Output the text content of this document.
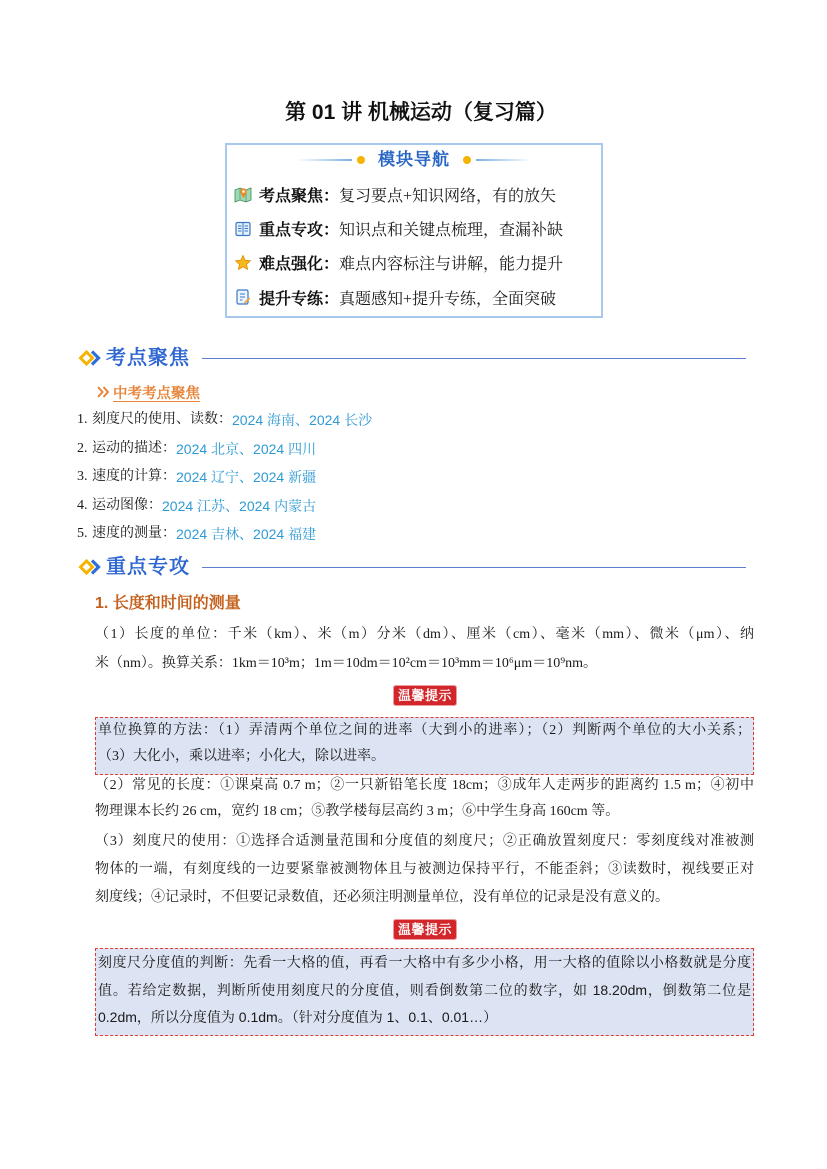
第 01 讲 机械运动（复习篇）
模块导航
考点聚焦： 复习要点+知识网络，有的放矢
重点专攻： 知识点和关键点梳理，查漏补缺
难点强化： 难点内容标注与讲解，能力提升
提升专练： 真题感知+提升专练，全面突破
考点聚焦
中考考点聚焦
1. 刻度尺的使用、读数： 2024 海南、2024 长沙
2. 运动的描述： 2024 北京、2024 四川
3. 速度的计算： 2024 辽宁、2024 新疆
4. 运动图像： 2024 江苏、2024 内蒙古
5. 速度的测量： 2024 吉林、2024 福建
重点专攻
1. 长度和时间的测量
（1）长度的单位：千米（km）、米（m）分米（dm）、厘米（cm）、毫米（mm）、微米（μm）、纳
米（nm）。换算关系：1km＝10³m；1m＝10dm＝10²cm＝10³mm＝10⁶μm＝10⁹nm。
温馨提示
单位换算的方法：（1）弄清两个单位之间的进率（大到小的进率）；（2）判断两个单位的大小关系；
（3）大化小，乘以进率；小化大，除以进率。
（2）常见的长度：①课桌高 0.7 m；②一只新铅笔长度 18cm；③成年人走两步的距离约 1.5 m；④初中
物理课本长约 26 cm，宽约 18 cm；⑤教学楼每层高约 3 m；⑥中学生身高 160cm 等。
（3）刻度尺的使用：①选择合适测量范围和分度值的刻度尺；②正确放置刻度尺：零刻度线对准被测
物体的一端，有刻度线的一边要紧靠被测物体且与被测边保持平行，不能歪斜；③读数时，视线要正对
刻度线；④记录时，不但要记录数值，还必须注明测量单位，没有单位的记录是没有意义的。
温馨提示
刻度尺分度值的判断：先看一大格的值，再看一大格中有多少小格，用一大格的值除以小格数就是分度
值。若给定数据，判断所使用刻度尺的分度值，则看倒数第二位的数字，如 18.20dm，倒数第二位是
0.2dm，所以分度值为 0.1dm。（针对分度值为 1、0.1、0.01…）
